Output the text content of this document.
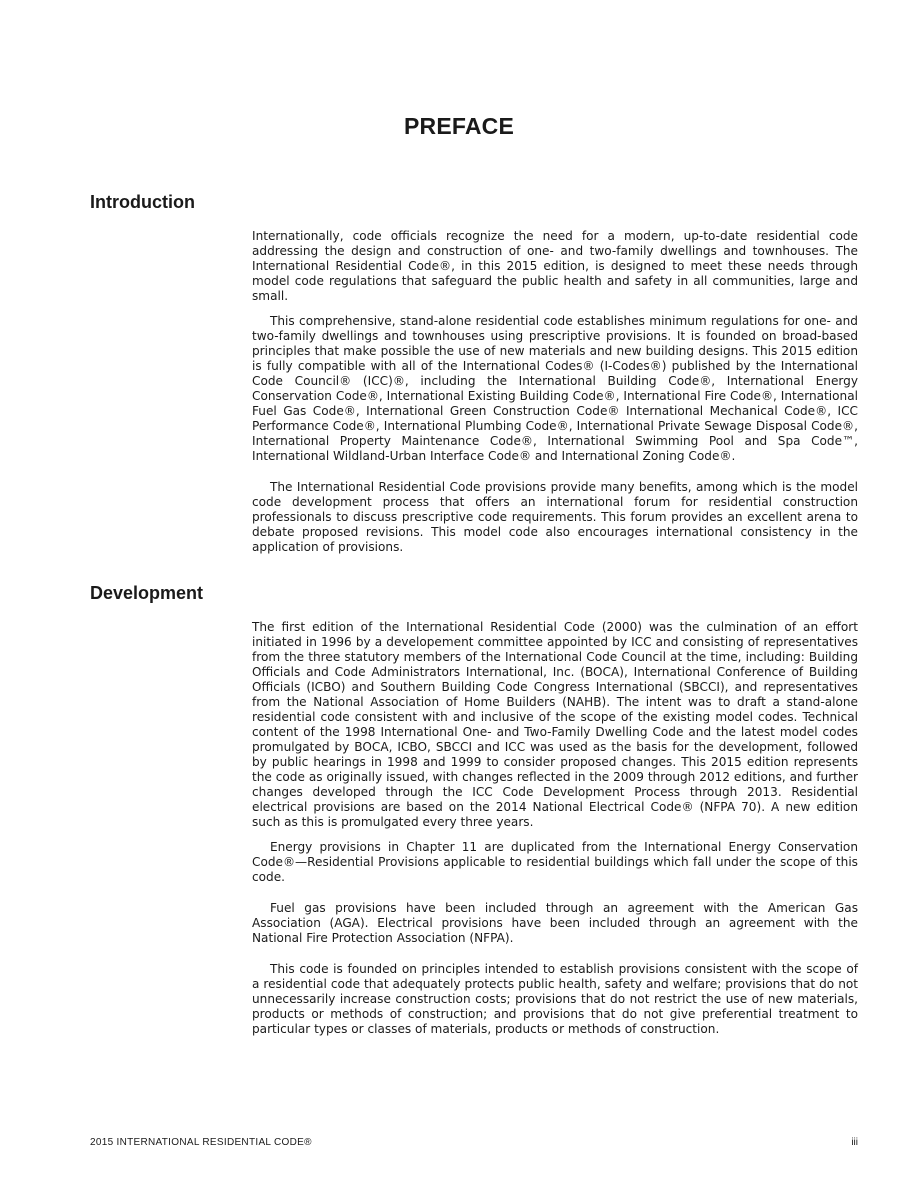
PREFACE
Introduction

Internationally, code officials recognize the need for a modern, up-to-date residential code addressing the design and construction of one- and two-family dwellings and townhouses. The International Residential Code®, in this 2015 edition, is designed to meet these needs through model code regulations that safeguard the public health and safety in all communities, large and small.

This comprehensive, stand-alone residential code establishes minimum regulations for one- and two-family dwellings and townhouses using prescriptive provisions. It is founded on broad-based principles that make possible the use of new materials and new building designs. This 2015 edition is fully compatible with all of the International Codes® (I-Codes®) published by the International Code Council® (ICC)®, including the International Building Code®, International Energy Conservation Code®, International Existing Building Code®, International Fire Code®, International Fuel Gas Code®, International Green Construction Code® International Mechanical Code®, ICC Performance Code®, International Plumbing Code®, International Private Sewage Disposal Code®, International Property Maintenance Code®, International Swimming Pool and Spa Code™, International Wildland-Urban Interface Code® and International Zoning Code®.

The International Residential Code provisions provide many benefits, among which is the model code development process that offers an international forum for residential construction professionals to discuss prescriptive code requirements. This forum provides an excellent arena to debate proposed revisions. This model code also encourages international consistency in the application of provisions.

Development

The first edition of the International Residential Code (2000) was the culmination of an effort initiated in 1996 by a developement committee appointed by ICC and consisting of representatives from the three statutory members of the International Code Council at the time, including: Building Officials and Code Administrators International, Inc. (BOCA), International Conference of Building Officials (ICBO) and Southern Building Code Congress International (SBCCI), and representatives from the National Association of Home Builders (NAHB). The intent was to draft a stand-alone residential code consistent with and inclusive of the scope of the existing model codes. Technical content of the 1998 International One- and Two-Family Dwelling Code and the latest model codes promulgated by BOCA, ICBO, SBCCI and ICC was used as the basis for the development, followed by public hearings in 1998 and 1999 to consider proposed changes. This 2015 edition represents the code as originally issued, with changes reflected in the 2009 through 2012 editions, and further changes developed through the ICC Code Development Process through 2013. Residential electrical provisions are based on the 2014 National Electrical Code® (NFPA 70). A new edition such as this is promulgated every three years.

Energy provisions in Chapter 11 are duplicated from the International Energy Conservation Code®—Residential Provisions applicable to residential buildings which fall under the scope of this code.

Fuel gas provisions have been included through an agreement with the American Gas Association (AGA). Electrical provisions have been included through an agreement with the National Fire Protection Association (NFPA).

This code is founded on principles intended to establish provisions consistent with the scope of a residential code that adequately protects public health, safety and welfare; provisions that do not unnecessarily increase construction costs; provisions that do not restrict the use of new materials, products or methods of construction; and provisions that do not give preferential treatment to particular types or classes of materials, products or methods of construction.

2015 INTERNATIONAL RESIDENTIAL CODE®	iii
